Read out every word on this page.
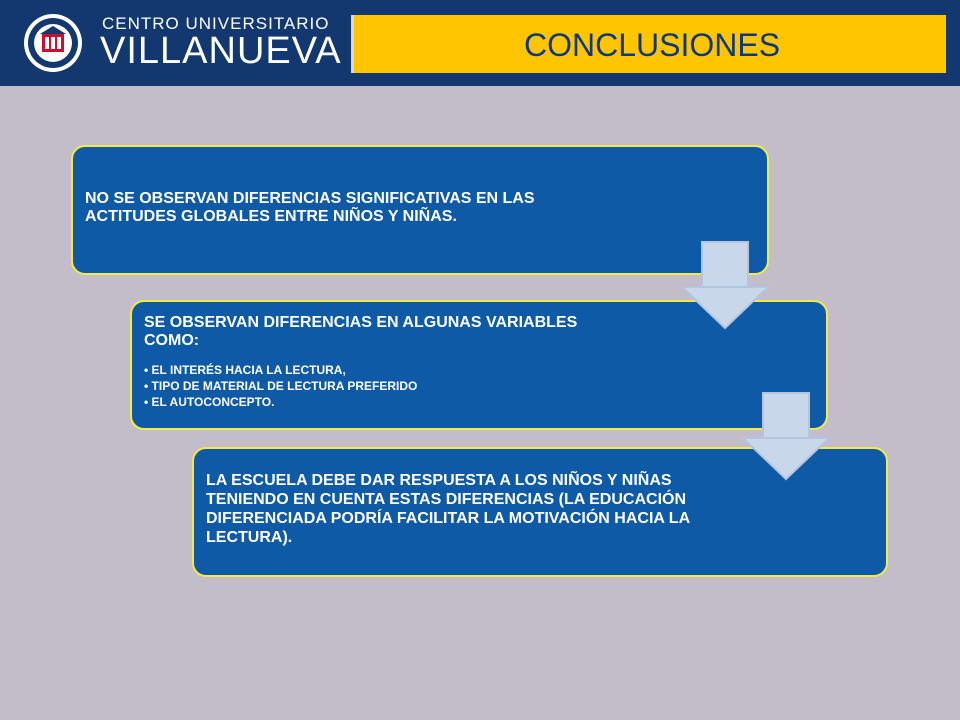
CENTRO UNIVERSITARIO
VILLANUEVA	CONCLUSIONES
NO SE OBSERVAN DIFERENCIAS SIGNIFICATIVAS EN LAS ACTITUDES GLOBALES ENTRE NIÑOS Y NIÑAS.
SE OBSERVAN DIFERENCIAS EN ALGUNAS VARIABLES COMO:
• EL INTERÉS HACIA LA LECTURA,
• TIPO DE MATERIAL DE LECTURA PREFERIDO
• EL AUTOCONCEPTO.
LA ESCUELA DEBE DAR RESPUESTA A LOS NIÑOS Y NIÑAS TENIENDO EN CUENTA ESTAS DIFERENCIAS (LA EDUCACIÓN DIFERENCIADA PODRÍA FACILITAR LA MOTIVACIÓN HACIA LA LECTURA).
